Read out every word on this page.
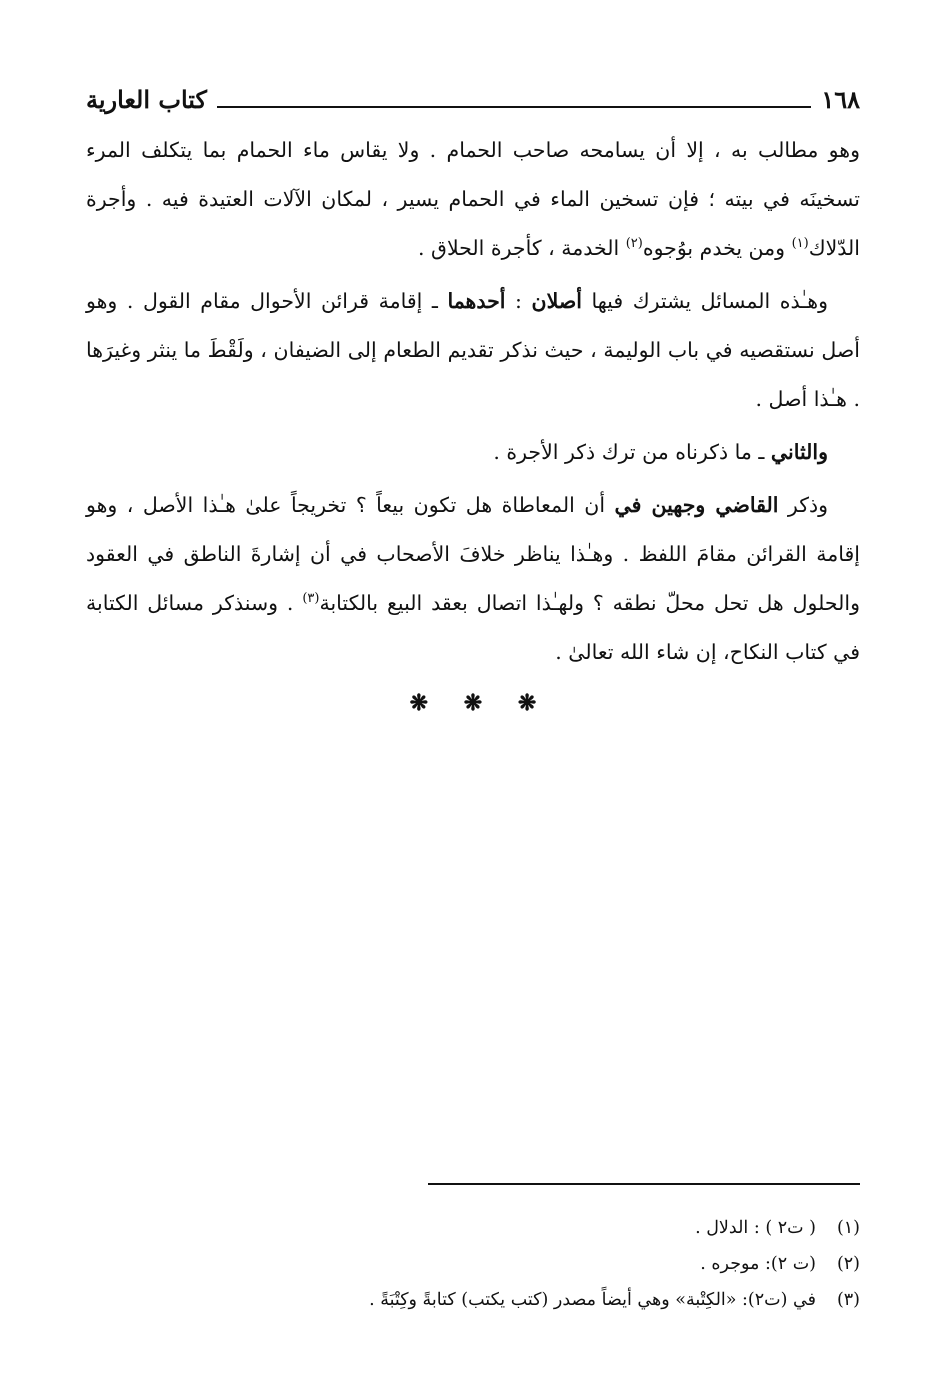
١٦٨
كتاب العارية

وهو مطالب به ، إلا أن يسامحه صاحب الحمام . ولا يقاس ماء الحمام بما يتكلف المرء تسخينَه في بيته ؛ فإن تسخين الماء في الحمام يسير ، لمكان الآلات العتيدة فيه . وأجرة الدّلاك$^{(١)}$ ومن يخدم بوُجوه$^{(٢)}$ الخدمة ، كأجرة الحلاق .

وهـٰذه المسائل يشترك فيها أصلان : أحدهما ـ إقامة قرائن الأحوال مقام القول . وهو أصل نستقصيه في باب الوليمة ، حيث نذكر تقديم الطعام إلى الضيفان ، ولَقْطَ ما ينثر وغيرَها . هـٰذا أصل .

والثاني ـ ما ذكرناه من ترك ذكر الأجرة .

وذكر القاضي وجهين في أن المعاطاة هل تكون بيعاً ؟ تخريجاً علىٰ هـٰذا الأصل ، وهو إقامة القرائن مقامَ اللفظ . وهـٰذا يناظر خلافَ الأصحاب في أن إشارةَ الناطق في العقود والحلول هل تحل محلّ نطقه ؟ ولهـٰذا اتصال بعقد البيع بالكتابة$^{(٣)}$ . وسنذكر مسائل الكتابة في كتاب النكاح، إن شاء الله تعالىٰ .

❋ ❋ ❋
(١)
( ت٢ ) : الدلال .
(٢)
(ت ٢): موجره .
(٣)
في (ت٢): «الكِتْبة» وهي أيضاً مصدر (كتب يكتب) كتابةً وكِتْبَةً .
